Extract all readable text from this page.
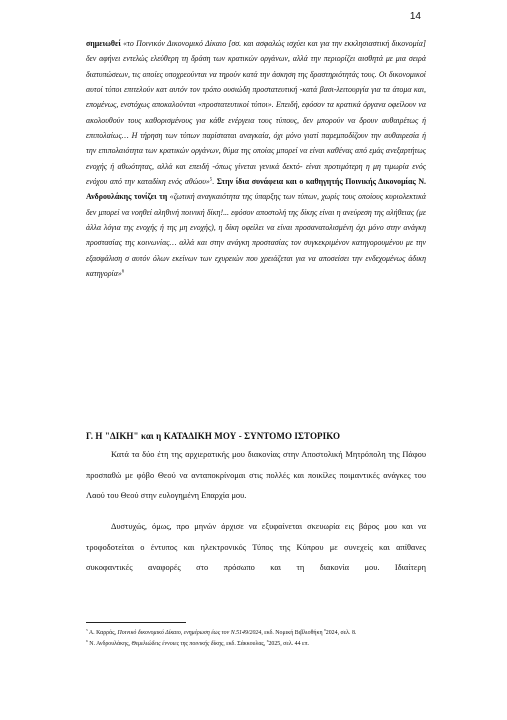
14

σημειωθεί «το Ποινικόν Δικονομικό Δίκαιο [σσ. και ασφαλώς ισχύει και για την εκκλησιαστική δικονομία] δεν αφήνει εντελώς ελεύθερη τη δράση των κρατικών οργάνων, αλλά την περιορίζει αισθητά με μια σειρά διατυπώσεων, τις οποίες υποχρεούνται να τηρούν κατά την άσκηση της δραστηριότητάς τους. Οι δικονομικοί αυτοί τύποι επιτελούν κατ αυτόν τον τρόπο ουσιώδη προστατευτική -κατά βασι-λειτουργία για τα άτομα και, επομένως, ενστόχως αποκαλούνται «προστατευτικοί τύποι». Επειδή, εφόσον τα κρατικά όργανα οφείλουν να ακολουθούν τους καθορισμένους για κάθε ενέργεια τους τύπους, δεν μπορούν να δρουν αυθαιρέτως ή επιπολαίως… Η τήρηση των τύπων παρίσταται αναγκαία, όχι μόνο γιατί παρεμποδίζουν την αυθαιρεσία ή την επιπολαιότητα των κρατικών οργάνων, θύμα της οποίας μπορεί να είναι καθένας από εμάς ανεξαρτήτως ενοχής ή αθωότητας, αλλά και επειδή -όπως γίνεται γενικά δεκτό- είναι προτιμότερη η μη τιμωρία ενός ενόχου από την καταδίκη ενός αθώου»$^5$. Στην ίδια συνάφεια και ο καθηγητής Ποινικής Δικονομίας Ν. Ανδρουλάκης τονίζει τη «ζωτική αναγκαιότητα της ύπαρξης των τύπων, χωρίς τους οποίους κυριολεκτικά δεν μπορεί να νοηθεί αληθινή ποινική δίκη!... εφόσον αποστολή της δίκης είναι η ανεύρεση της αλήθειας (με άλλα λόγια της ενοχής ή της μη ενοχής), η δίκη οφείλει να είναι προσανατολισμένη όχι μόνο στην ανάγκη προστασίας της κοινωνίας… αλλά και στην ανάγκη προστασίας τον συγκεκριμένον κατηγορουμένου με την εξασφάλιση σ αυτόν όλων εκείνων των εχυρειών που χρειάζεται για να αποσείσει την ενδεχομένως άδικη κατηγορία»$^6$

Γ. Η "ΔΙΚΗ" και η ΚΑΤΑΔΙΚΗ ΜΟΥ - ΣΥΝΤΟΜΟ ΙΣΤΟΡΙΚΟ

Κατά τα δύο έτη της αρχιερατικής μου διακονίας στην Αποστολική Μητρόπολη της Πάφου προσπαθώ με φόβο Θεού να ανταποκρίνομαι στις πολλές και ποικίλες ποιμαντικές ανάγκες του Λαού του Θεού στην ευλογημένη Επαρχία μου.

Δυστυχώς, όμως, προ μηνών άρχισε να εξυφαίνεται σκευωρία εις βάρος μου και να τροφοδοτείται ο έντυπος και ηλεκτρονικός Τύπος της Κύπρου με συνεχείς και απίθανες συκοφαντικές αναφορές στο πρόσωπο και τη διακονία μου. Ιδιαίτερη

$^5$ Α. Καρράς, Ποινικό δικονομικό Δίκαιο, ενημέρωση έως τον Ν.5149/2024, εκδ. Νομική Βιβλιοθήκη $^9$2024, σελ. 8.

$^6$ Ν. Ανδρουλάκης, Θεμελιώδεις έννοιες της ποινικής δίκης, εκδ. Σάκκουλας, $^6$2025, σελ. 44 επ.
